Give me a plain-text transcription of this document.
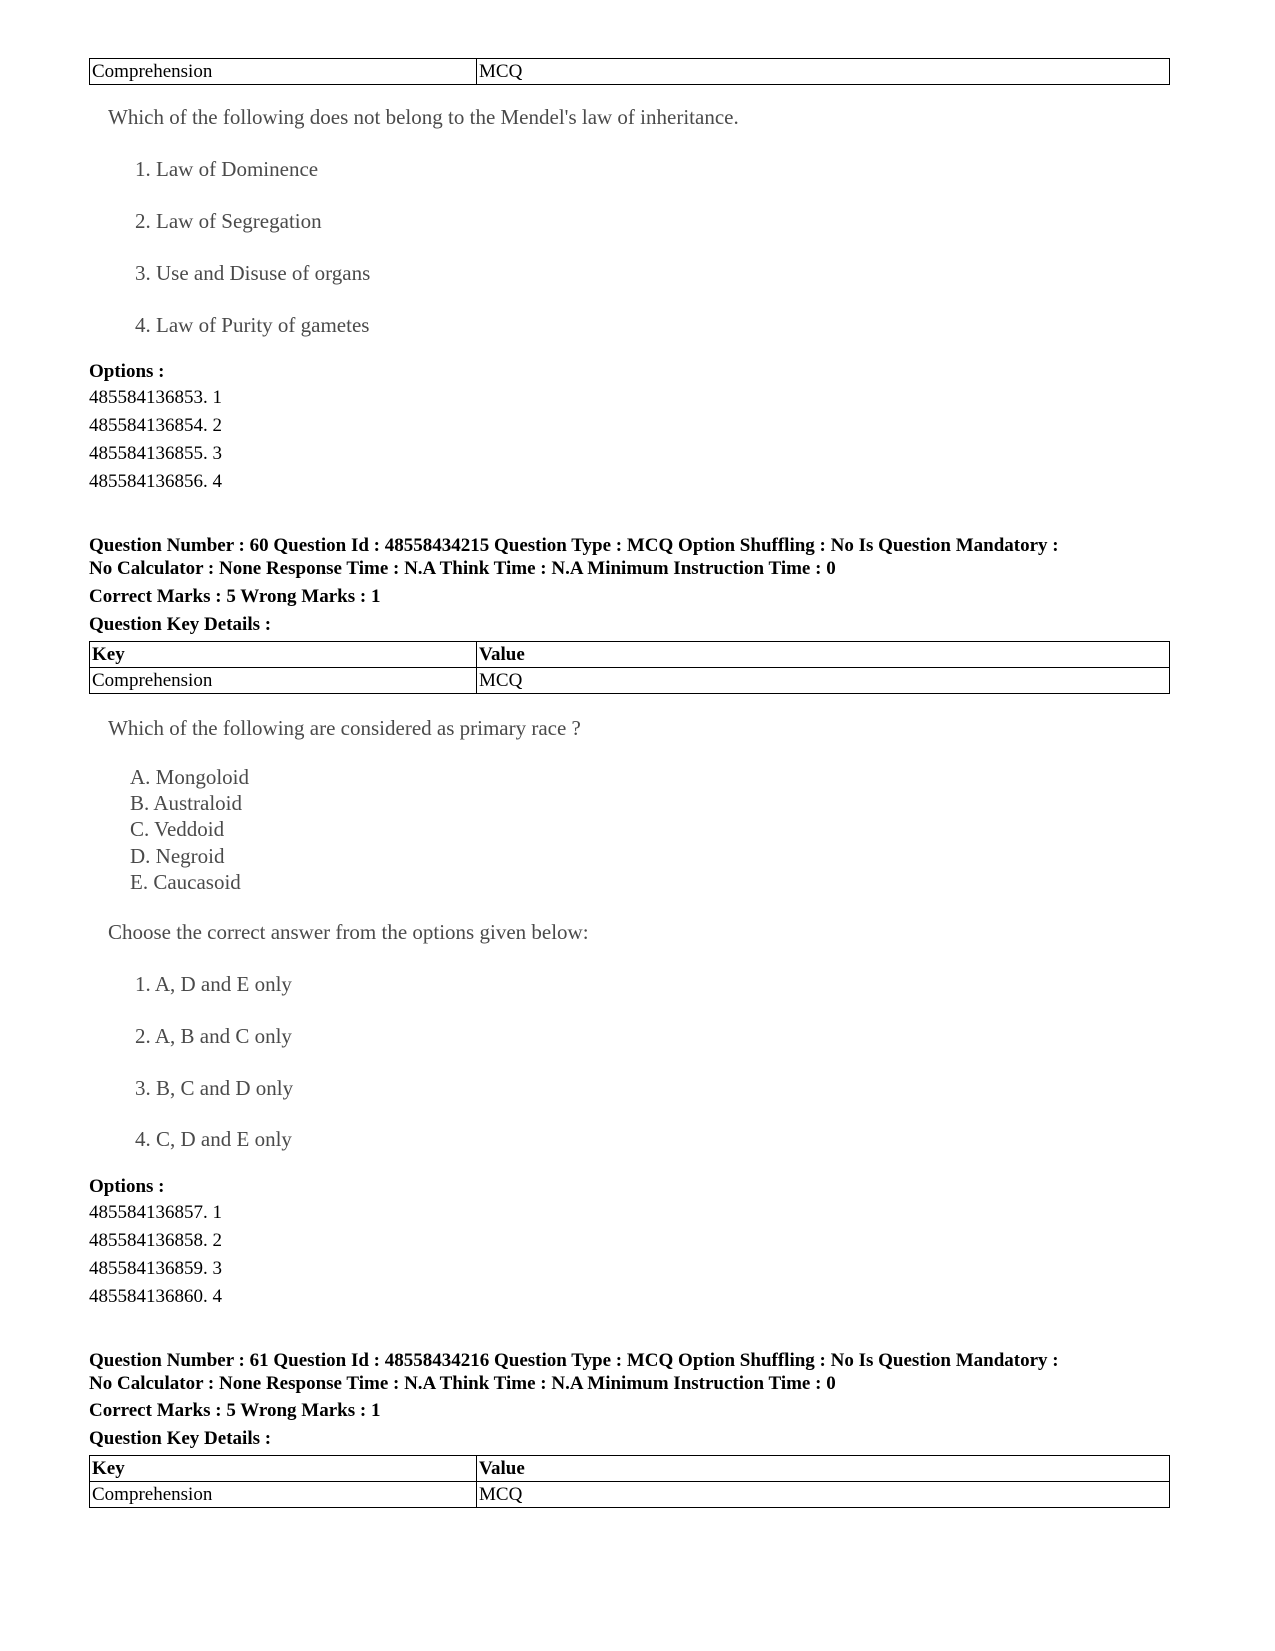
Comprehension	MCQ
Which of the following does not belong to the Mendel's law of inheritance.
1. Law of Dominence
2. Law of Segregation
3. Use and Disuse of organs
4. Law of Purity of gametes
Options :
485584136853. 1
485584136854. 2
485584136855. 3
485584136856. 4
Question Number : 60 Question Id : 48558434215 Question Type : MCQ Option Shuffling : No Is Question Mandatory :
No Calculator : None Response Time : N.A Think Time : N.A Minimum Instruction Time : 0
Correct Marks : 5 Wrong Marks : 1
Question Key Details :
Key	Value
Comprehension	MCQ
Which of the following are considered as primary race ?
A. Mongoloid
B. Australoid
C. Veddoid
D. Negroid
E. Caucasoid
Choose the correct answer from the options given below:
1. A, D and E only
2. A, B and C only
3. B, C and D only
4. C, D and E only
Options :
485584136857. 1
485584136858. 2
485584136859. 3
485584136860. 4
Question Number : 61 Question Id : 48558434216 Question Type : MCQ Option Shuffling : No Is Question Mandatory :
No Calculator : None Response Time : N.A Think Time : N.A Minimum Instruction Time : 0
Correct Marks : 5 Wrong Marks : 1
Question Key Details :
Key	Value
Comprehension	MCQ
